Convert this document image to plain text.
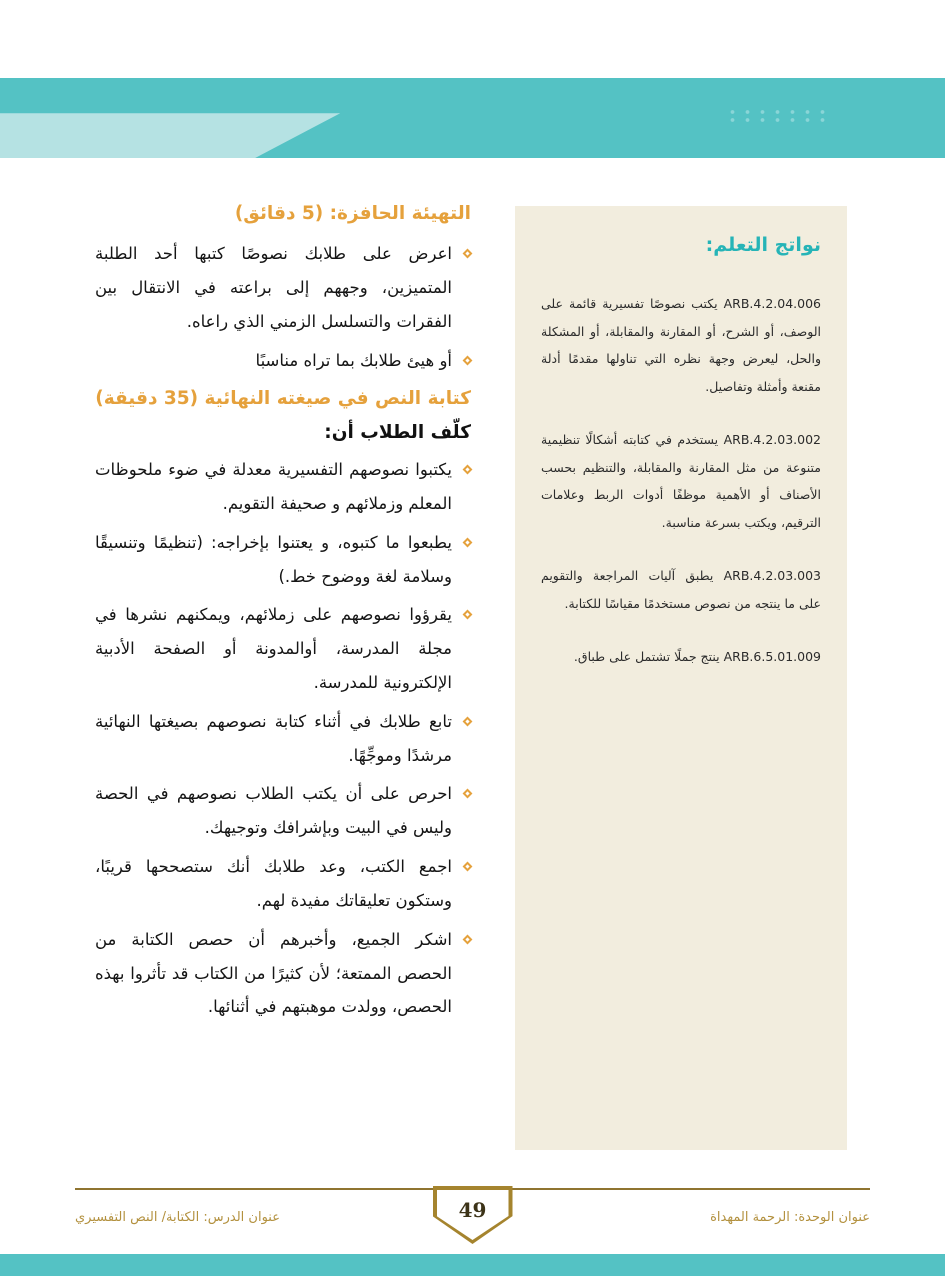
نواتج التعلم:

ARB.4.2.04.006 يكتب نصوصًا تفسيرية قائمة على الوصف، أو الشرح، أو المقارنة والمقابلة، أو المشكلة والحل، ليعرض وجهة نظره التي تناولها مقدمًا أدلة مقنعة وأمثلة وتفاصيل.

ARB.4.2.03.002 يستخدم في كتابته أشكالًا تنظيمية متنوعة من مثل المقارنة والمقابلة، والتنظيم بحسب الأصناف أو الأهمية موظفًا أدوات الربط وعلامات الترقيم، ويكتب بسرعة مناسبة.

ARB.4.2.03.003 يطبق آليات المراجعة والتقويم على ما ينتجه من نصوص مستخدمًا مقياسًا للكتابة.

ARB.6.5.01.009 ينتج جملًا تشتمل على طباق.

التهيئة الحافزة: (5 دقائق)
اعرض على طلابك نصوصًا كتبها أحد الطلبة المتميزين، وجههم إلى براعته في الانتقال بين الفقرات والتسلسل الزمني الذي راعاه.
أو هيئ طلابك بما تراه مناسبًا
كتابة النص في صيغته النهائية (35 دقيقة)
كلّف الطلاب أن:
يكتبوا نصوصهم التفسيرية معدلة في ضوء ملحوظات المعلم وزملائهم و صحيفة التقويم.
يطبعوا ما كتبوه، و يعتنوا بإخراجه: (تنظيمًا وتنسيقًا وسلامة لغة ووضوح خط.)
يقرؤوا نصوصهم على زملائهم، ويمكنهم نشرها في مجلة المدرسة، أوالمدونة أو الصفحة الأدبية الإلكترونية للمدرسة.
تابع طلابك في أثناء كتابة نصوصهم بصيغتها النهائية مرشدًا وموجِّهًا.
احرص على أن يكتب الطلاب نصوصهم في الحصة وليس في البيت وبإشرافك وتوجيهك.
اجمع الكتب، وعد طلابك أنك ستصححها قريبًا، وستكون تعليقاتك مفيدة لهم.
اشكر الجميع، وأخبرهم أن حصص الكتابة من الحصص الممتعة؛ لأن كثيرًا من الكتاب قد تأثروا بهذه الحصص، وولدت موهبتهم في أثنائها.
49	عنوان الوحدة: الرحمة المهداة
عنوان الدرس: الكتابة/ النص التفسيري
